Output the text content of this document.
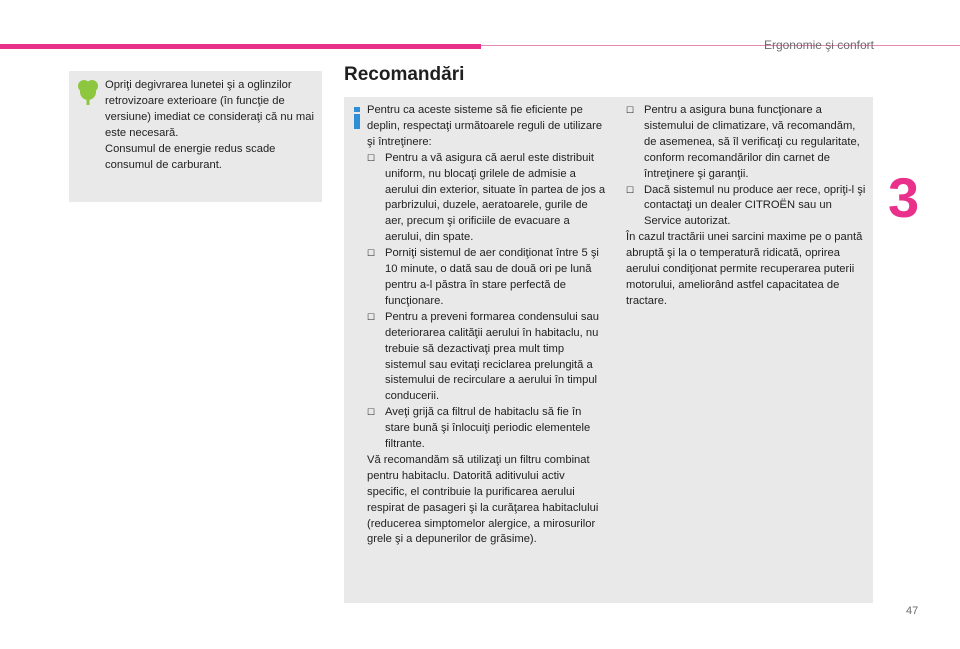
Ergonomie şi confort
3
47

Opriţi degivrarea lunetei şi a oglinzilor retrovizoare exterioare (în funcţie de versiune) imediat ce consideraţi că nu mai este necesară.

Consumul de energie redus scade consumul de carburant.

Recomandări

Pentru ca aceste sisteme să fie eficiente pe deplin, respectaţi următoarele reguli de utilizare şi întreţinere:

☐ Pentru a vă asigura că aerul este distribuit uniform, nu blocaţi grilele de admisie a aerului din exterior, situate în partea de jos a parbrizului, duzele, aeratoarele, gurile de aer, precum şi orificiile de evacuare a aerului, din spate.
☐ Porniţi sistemul de aer condiţionat între 5 şi 10 minute, o dată sau de două ori pe lună pentru a-l păstra în stare perfectă de funcţionare.
☐ Pentru a preveni formarea condensului sau deteriorarea calităţii aerului în habitaclu, nu trebuie să dezactivaţi prea mult timp sistemul sau evitaţi reciclarea prelungită a sistemului de recirculare a aerului în timpul conducerii.
☐ Aveţi grijă ca filtrul de habitaclu să fie în stare bună şi înlocuiţi periodic elementele filtrante.

Vă recomandăm să utilizaţi un filtru combinat pentru habitaclu. Datorită aditivului activ specific, el contribuie la purificarea aerului respirat de pasageri şi la curăţarea habitaclului (reducerea simptomelor alergice, a mirosurilor grele şi a depunerilor de grăsime).

☐ Pentru a asigura buna funcţionare a sistemului de climatizare, vă recomandăm, de asemenea, să îl verificaţi cu regularitate, conform recomandărilor din carnet de întreţinere şi garanţii.
☐ Dacă sistemul nu produce aer rece, opriţi-l şi contactaţi un dealer CITROËN sau un Service autorizat.

În cazul tractării unei sarcini maxime pe o pantă abruptă şi la o temperatură ridicată, oprirea aerului condiţionat permite recuperarea puterii motorului, ameliorând astfel capacitatea de tractare.
